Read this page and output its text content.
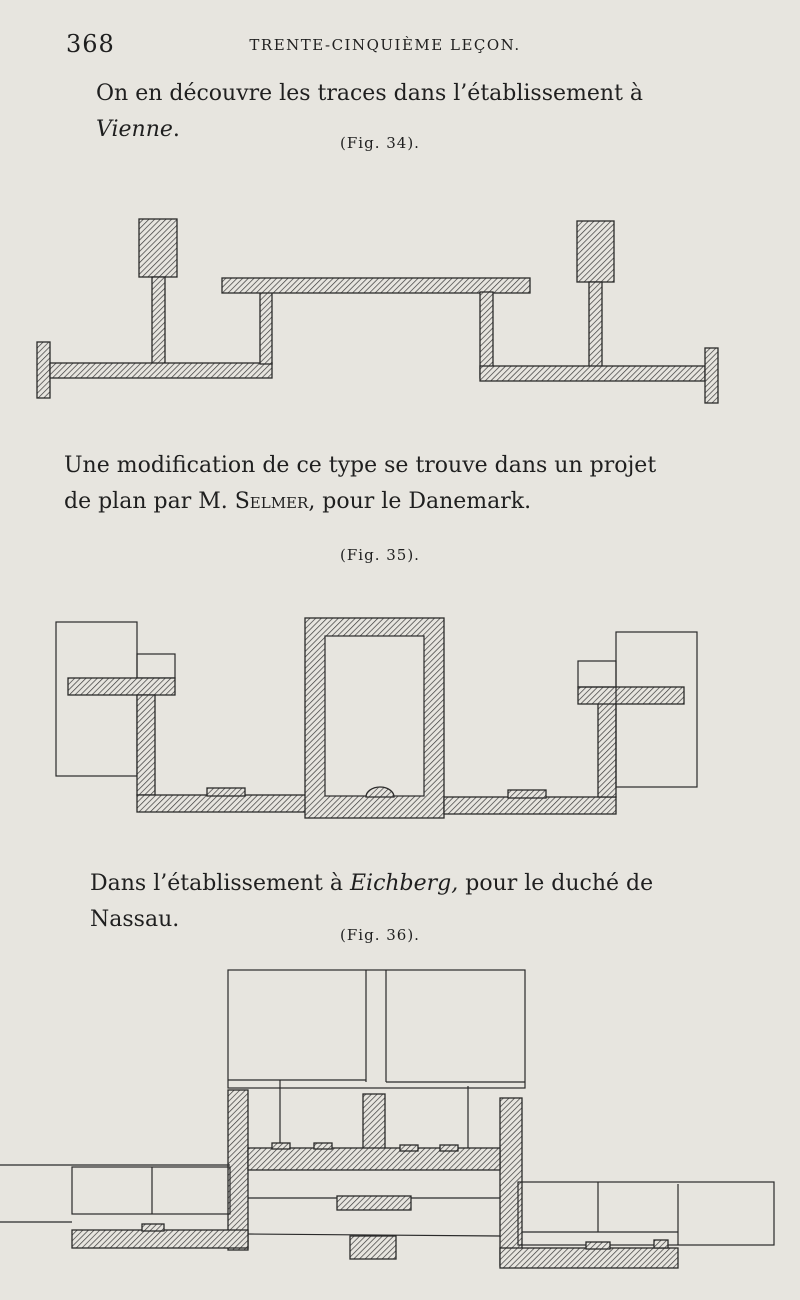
368	TRENTE-CINQUIÈME LEÇON.
On en découvre les traces dans l’établissement à Vienne.
(Fig. 34).
Une modification de ce type se trouve dans un projet
de plan par M. Selmer, pour le Danemark.
(Fig. 35).
Dans l’établissement à Eichberg, pour le duché de Nassau.
(Fig. 36).
